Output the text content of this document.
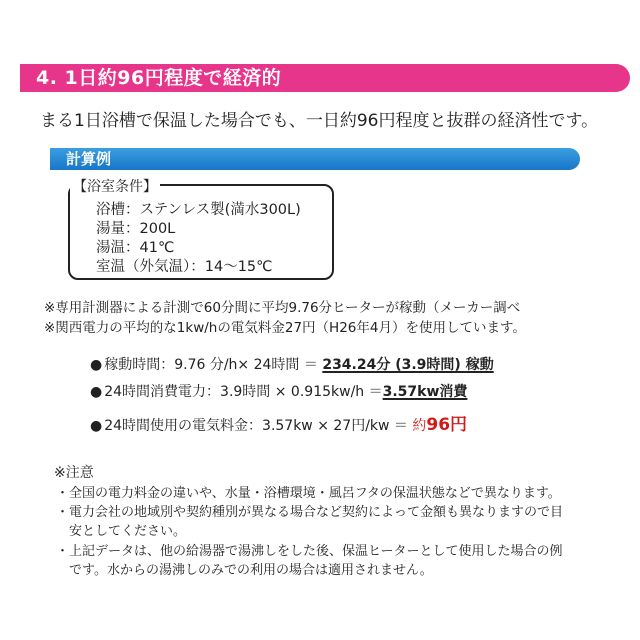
4. 1日約96円程度で経済的
まる1日浴槽で保温した場合でも、一日約96円程度と抜群の経済性です。
計算例
【浴室条件】
浴槽：ステンレス製(満水300L)
湯量：200L
湯温：41℃
室温（外気温）：14～15℃
※専用計測器による計測で60分間に平均9.76分ヒーターが稼動（メーカー調べ
※関西電力の平均的な1kw/hの電気料金27円（H26年4月）を使用しています。
● 稼動時間：9.76 分/h× 24時間 ＝ 234.24分 (3.9時間) 稼動
● 24時間消費電力：3.9時間 × 0.915kw/h ＝3.57kw消費
● 24時間使用の電気料金：3.57kw × 27円/kw ＝ 約96円
※注意
・全国の電力料金の違いや、水量・浴槽環境・風呂フタの保温状態などで異なります。
・電力会社の地域別や契約種別が異なる場合など契約によって金額も異なりますので目
　安としてください。
・上記データは、他の給湯器で湯沸しをした後、保温ヒーターとして使用した場合の例
　です。水からの湯沸しのみでの利用の場合は適用されません。
